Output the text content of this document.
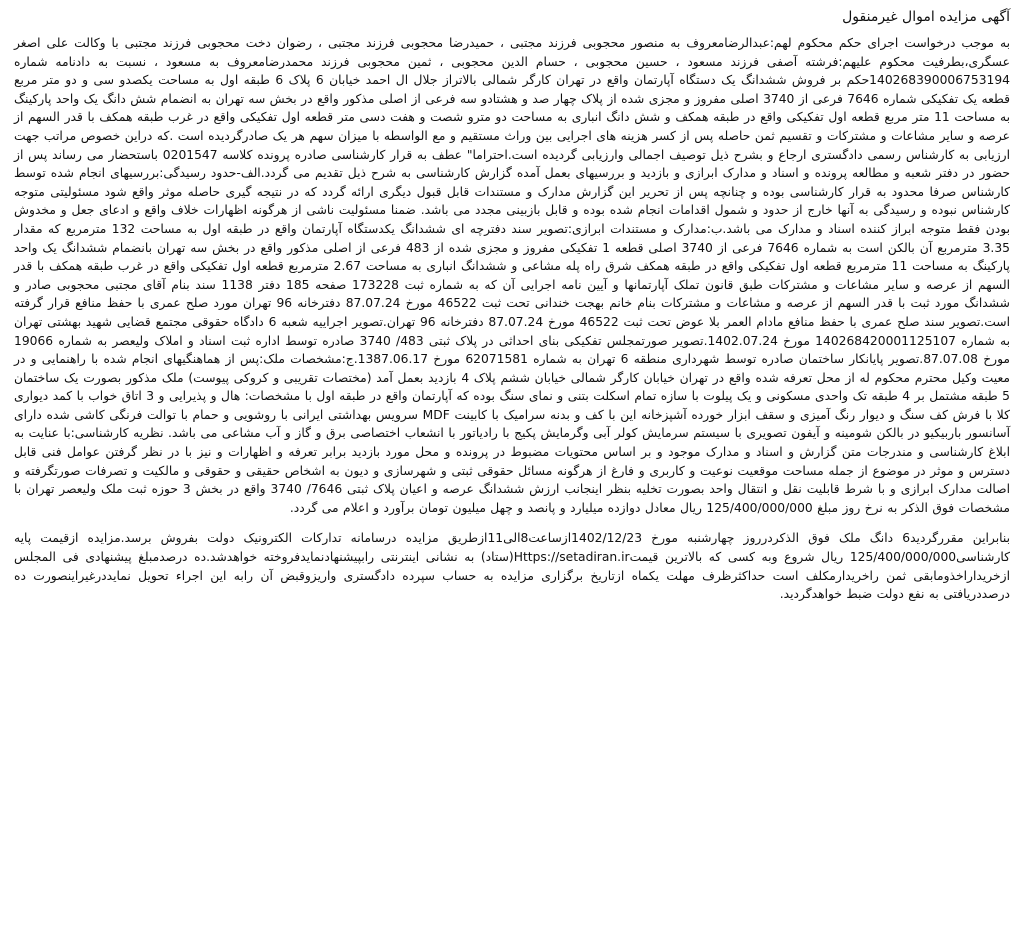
آگهی مزایده اموال غیرمنقول

به موجب درخواست اجرای حکم محکوم لهم:عبدالرضامعروف به منصور محجوبی فرزند مجتبی ، حمیدرضا محجوبی فرزند مجتبی ، رضوان دخت محجوبی فرزند مجتبی با وکالت علی اصغر عسگری،بطرفیت محکوم علیهم:فرشته آصفی فرزند مسعود ، حسین محجوبی ، حسام الدین محجوبی ، ثمین محجوبی فرزند محمدرضامعروف به مسعود ، نسبت به دادنامه شماره 140268390006753194حکم بر فروش ششدانگ یک دستگاه آپارتمان واقع در تهران کارگر شمالی بالاتراز جلال ال احمد خیابان 6 پلاک 6 طبقه اول به مساحت یکصدو سی و دو متر مربع قطعه یک تفکیکی شماره 7646 فرعی از 3740 اصلی مفروز و مجزی شده از پلاک چهار صد و هشتادو سه فرعی از اصلی مذکور واقع در بخش سه تهران به انضمام شش دانگ یک واحد پارکینگ به مساحت 11 متر مربع قطعه اول تفکیکی واقع در طبقه همکف و شش دانگ انباری به مساحت دو مترو شصت و هفت دسی متر قطعه اول تفکیکی واقع در غرب طبقه همکف با قدر السهم از عرصه و سایر مشاعات و مشترکات و تقسیم ثمن حاصله پس از کسر هزینه های اجرایی بین وراث مستقیم و مع الواسطه با میزان سهم هر یک صادرگردیده است .که دراین خصوص مراتب جهت ارزیابی به کارشناس رسمی دادگستری ارجاع و بشرح ذیل توصیف اجمالی وارزیابی گردیده است.احتراما" عطف به قرار کارشناسی صادره پرونده کلاسه 0201547 باستحضار می رساند پس از حضور در دفتر شعبه و مطالعه پرونده و اسناد و مدارک ابرازی و بازدید و بررسیهای بعمل آمده گزارش کارشناسی به شرح ذیل تقدیم می گردد.الف-حدود رسیدگی:بررسیهای انجام شده توسط کارشناس صرفا محدود به قرار کارشناسی بوده و چنانچه پس از تحریر این گزارش مدارک و مستندات قابل قبول دیگری ارائه گردد که در نتیجه گیری حاصله موثر واقع شود مسئولیتی متوجه کارشناس نبوده و رسیدگی به آنها خارج از حدود و شمول اقدامات انجام شده بوده و قابل بازبینی مجدد می باشد. ضمنا مسئولیت ناشی از هرگونه اظهارات خلاف واقع و ادعای جعل و مخدوش بودن فقط متوجه ابراز کننده اسناد و مدارک می باشد.ب:مدارک و مستندات ابرازی:تصویر سند دفترچه ای ششدانگ یکدستگاه آپارتمان واقع در طبقه اول به مساحت 132 مترمربع که مقدار 3.35 مترمربع آن بالکن است به شماره 7646 فرعی از 3740 اصلی قطعه 1 تفکیکی مفروز و مجزی شده از 483 فرعی از اصلی مذکور واقع در بخش سه تهران بانضمام ششدانگ یک واحد پارکینگ به مساحت 11 مترمربع قطعه اول تفکیکی واقع در طبقه همکف شرق راه پله مشاعی و ششدانگ انباری به مساحت 2.67 مترمربع قطعه اول تفکیکی واقع در غرب طبقه همکف با قدر السهم از عرصه و سایر مشاعات و مشترکات طبق قانون تملک آپارتمانها و آیین نامه اجرایی آن که به شماره ثبت 173228 صفحه 185 دفتر 1138 سند بنام آقای مجتبی محجوبی صادر و ششدانگ مورد ثبت با قدر السهم از عرصه و مشاعات و مشترکات بنام خانم بهجت خندانی تحت ثبت 46522 مورخ 87.07.24 دفترخانه 96 تهران مورد صلح عمری با حفظ منافع قرار گرفته است.تصویر سند صلح عمری با حفظ منافع مادام العمر بلا عوض تحت ثبت 46522 مورخ 87.07.24 دفترخانه 96 تهران.تصویر اجراییه شعبه 6 دادگاه حقوقی مجتمع قضایی شهید بهشتی تهران به شماره 140268420001125107 مورخ 1402.07.24.تصویر صورتمجلس تفکیکی بنای احداثی در پلاک ثبتی 483/ 3740 صادره توسط اداره ثبت اسناد و املاک ولیعصر به شماره 19066 مورخ 87.07.08.تصویر پایانکار ساختمان صادره توسط شهرداری منطقه 6 تهران به شماره 62071581 مورخ 1387.06.17.ج:مشخصات ملک:پس از هماهنگیهای انجام شده با راهنمایی و در معیت وکیل محترم محکوم له از محل تعرفه شده واقع در تهران خیابان کارگر شمالی خیابان ششم پلاک 4 بازدید بعمل آمد (مختصات تقریبی و کروکی پیوست) ملک مذکور بصورت یک ساختمان 5 طبقه مشتمل بر 4 طبقه تک واحدی مسکونی و یک پیلوت با سازه تمام اسکلت بتنی و نمای سنگ بوده که آپارتمان واقع در طبقه اول با مشخصات: هال و پذیرایی و 3 اتاق خواب با کمد دیواری کلا با فرش کف سنگ و دیوار رنگ آمیزی و سقف ابزار خورده آشپزخانه این با کف و بدنه سرامیک با کابینت MDF سرویس بهداشتی ایرانی با روشویی و حمام با توالت فرنگی کاشی شده دارای آسانسور باربیکیو در بالکن شومینه و آیفون تصویری با سیستم سرمایش کولر آبی وگرمایش پکیج با رادیاتور با انشعاب اختصاصی برق و گاز و آب مشاعی می باشد. نظریه کارشناسی:با عنایت به ابلاغ کارشناسی و مندرجات متن گزارش و اسناد و مدارک موجود و بر اساس محتویات مضبوط در پرونده و محل مورد بازدید برابر تعرفه و اظهارات و نیز با در نظر گرفتن عوامل فنی قابل دسترس و موثر در موضوع از جمله مساحت موقعیت نوعیت و کاربری و فارغ از هرگونه مسائل حقوقی ثبتی و شهرسازی و دیون به اشخاص حقیقی و حقوقی و مالکیت و تصرفات صورتگرفته و اصالت مدارک ابرازی و با شرط قابلیت نقل و انتقال واحد بصورت تخلیه بنظر اینجانب ارزش ششدانگ عرصه و اعیان پلاک ثبتی 7646/ 3740 واقع در بخش 3 حوزه ثبت ملک ولیعصر تهران با مشخصات فوق الذکر به نرخ روز مبلغ 125/400/000/000 ریال معادل دوازده میلیارد و پانصد و چهل میلیون تومان برآورد و اعلام می گردد.

بنابراین مقررگردید6 دانگ ملک فوق الذکردرروز چهارشنبه مورخ 1402/12/23ازساعت8الی11ازطریق مزایده درسامانه تدارکات الکترونیک دولت بفروش برسد.مزایده ازقیمت پایه کارشناسی125/400/000/000 ریال شروع وبه کسی که بالاترین قیمتHttps://setadiran.ir(ستاد) به نشانی اینترنتی رابپیشنهادنمایدفروخته خواهدشد.ده درصدمبلغ پیشنهادی فی المجلس ازخریداراخذومابقی ثمن راخریدارمکلف است حداکثرظرف مهلت یکماه ازتاریخ برگزاری مزایده به حساب سپرده دادگستری واریزوقبض آن رابه این اجراء تحویل نمایددرغیراینصورت ده درصددریافتی به نفع دولت ضبط خواهدگردید.
